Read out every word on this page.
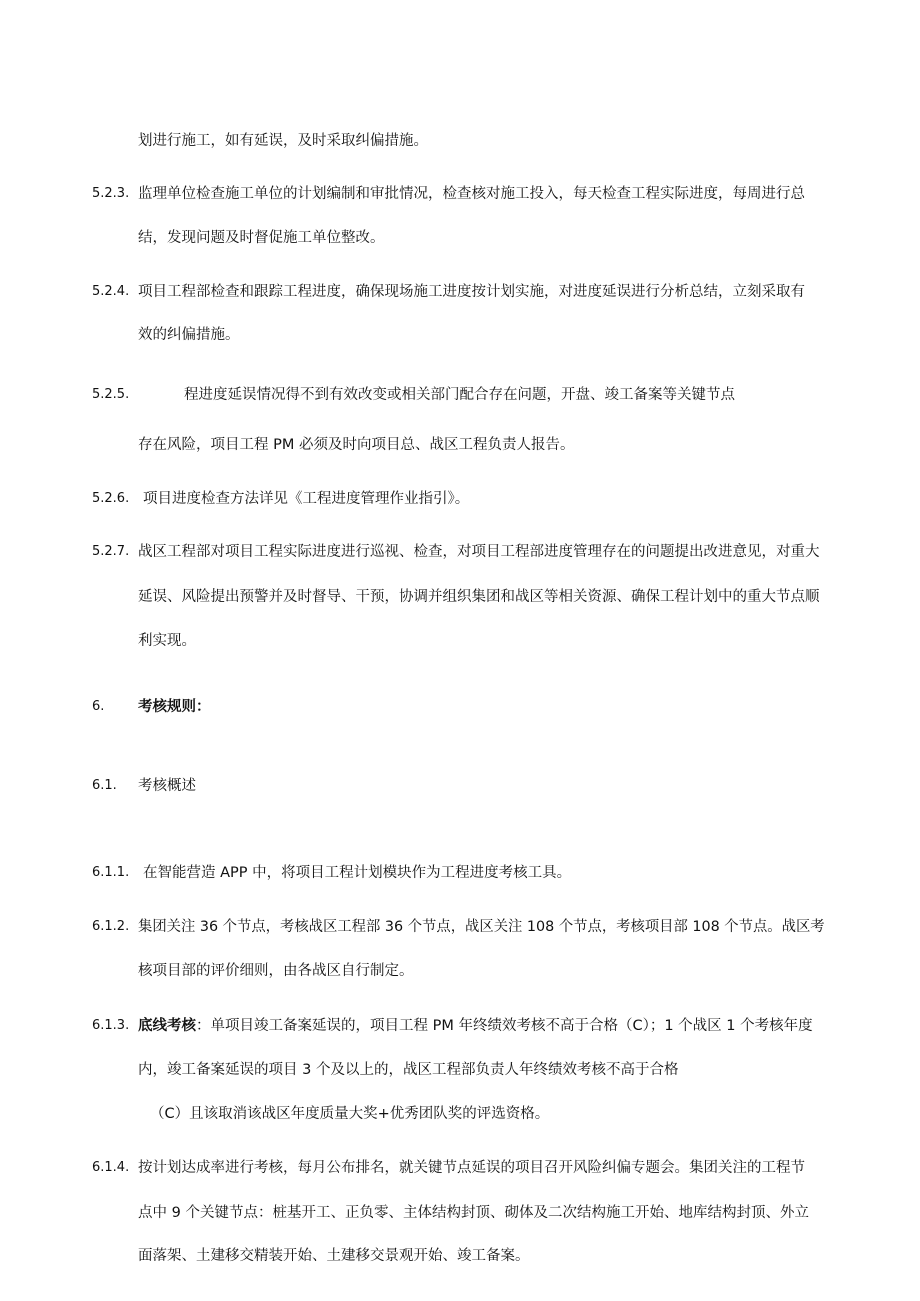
划进行施工，如有延误，及时采取纠偏措施。
5.2.3. 监理单位检查施工单位的计划编制和审批情况，检查核对施工投入，每天检查工程实际进度，每周进行总
结，发现问题及时督促施工单位整改。
5.2.4. 项目工程部检查和跟踪工程进度，确保现场施工进度按计划实施，对进度延误进行分析总结，立刻采取有
效的纠偏措施。
5.2.5.	程进度延误情况得不到有效改变或相关部门配合存在问题，开盘、竣工备案等关键节点
存在风险，项目工程 PM 必须及时向项目总、战区工程负责人报告。
5.2.6. 项目进度检查方法详见《工程进度管理作业指引》。
5.2.7. 战区工程部对项目工程实际进度进行巡视、检查，对项目工程部进度管理存在的问题提出改进意见，对重大
延误、风险提出预警并及时督导、干预，协调并组织集团和战区等相关资源、确保工程计划中的重大节点顺
利实现。
6. 考核规则：
6.1. 考核概述
6.1.1. 在智能营造 APP 中，将项目工程计划模块作为工程进度考核工具。
6.1.2. 集团关注 36 个节点，考核战区工程部 36 个节点，战区关注 108 个节点，考核项目部 108 个节点。战区考
核项目部的评价细则，由各战区自行制定。
6.1.3. 底线考核：单项目竣工备案延误的，项目工程 PM 年终绩效考核不高于合格（C）；1 个战区 1 个考核年度
内，竣工备案延误的项目 3 个及以上的，战区工程部负责人年终绩效考核不高于合格
（C）且该取消该战区年度质量大奖+优秀团队奖的评选资格。
6.1.4. 按计划达成率进行考核，每月公布排名，就关键节点延误的项目召开风险纠偏专题会。集团关注的工程节
点中 9 个关键节点：桩基开工、正负零、主体结构封顶、砌体及二次结构施工开始、地库结构封顶、外立
面落架、土建移交精装开始、土建移交景观开始、竣工备案。
